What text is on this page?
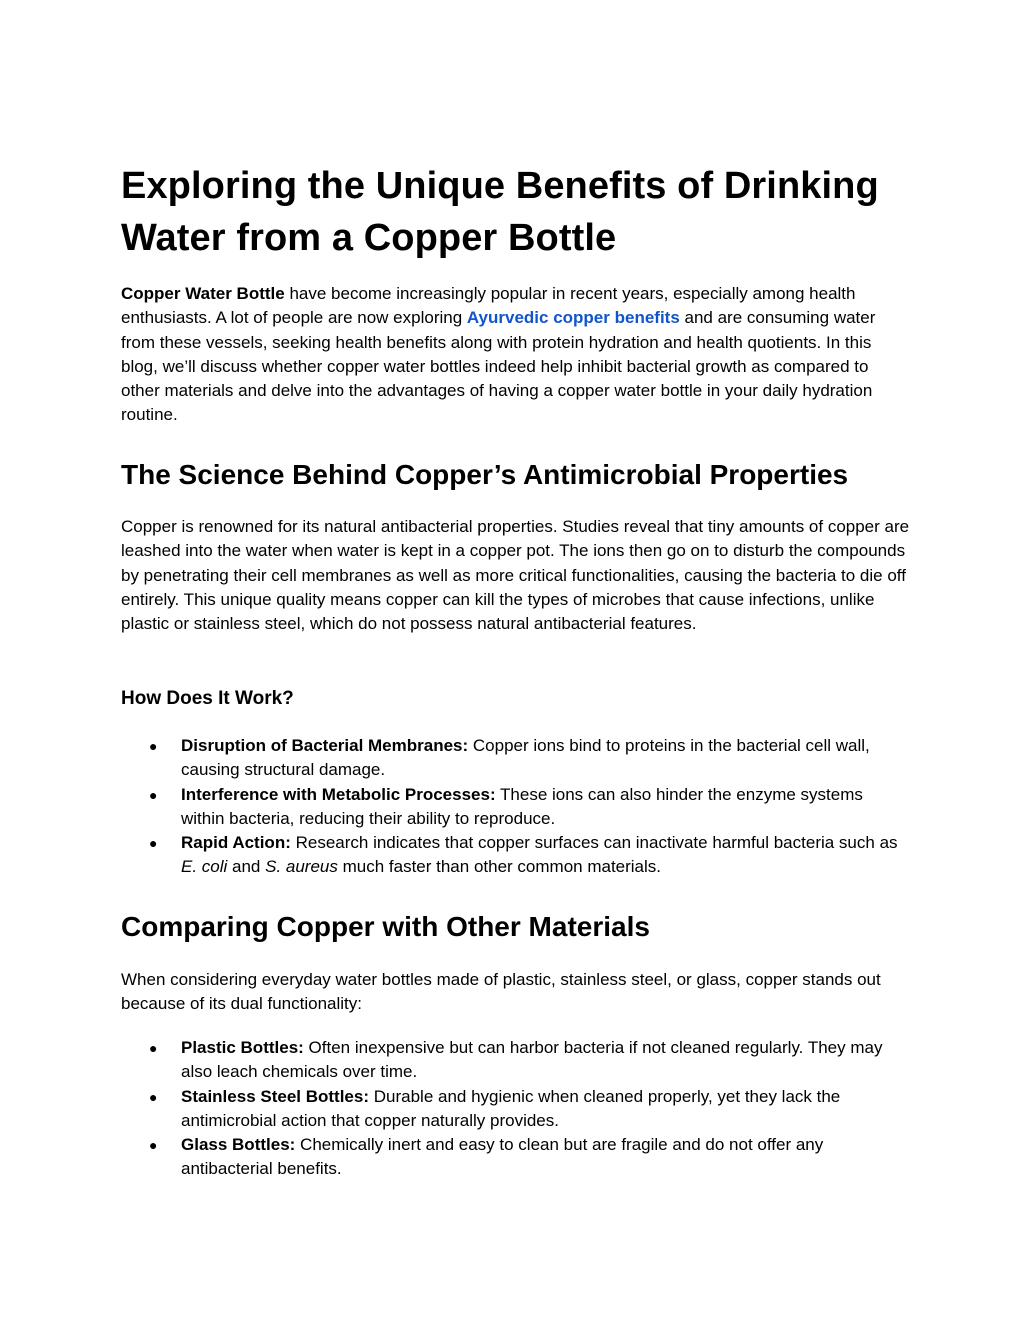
Exploring the Unique Benefits of Drinking Water from a Copper Bottle

Copper Water Bottle have become increasingly popular in recent years, especially among health enthusiasts. A lot of people are now exploring Ayurvedic copper benefits and are consuming water from these vessels, seeking health benefits along with protein hydration and health quotients. In this blog, we’ll discuss whether copper water bottles indeed help inhibit bacterial growth as compared to other materials and delve into the advantages of having a copper water bottle in your daily hydration routine.

The Science Behind Copper’s Antimicrobial Properties

Copper is renowned for its natural antibacterial properties. Studies reveal that tiny amounts of copper are leashed into the water when water is kept in a copper pot. The ions then go on to disturb the compounds by penetrating their cell membranes as well as more critical functionalities, causing the bacteria to die off entirely. This unique quality means copper can kill the types of microbes that cause infections, unlike plastic or stainless steel, which do not possess natural antibacterial features.

How Does It Work?
● Disruption of Bacterial Membranes: Copper ions bind to proteins in the bacterial cell wall, causing structural damage.
● Interference with Metabolic Processes: These ions can also hinder the enzyme systems within bacteria, reducing their ability to reproduce.
● Rapid Action: Research indicates that copper surfaces can inactivate harmful bacteria such as E. coli and S. aureus much faster than other common materials.
Comparing Copper with Other Materials

When considering everyday water bottles made of plastic, stainless steel, or glass, copper stands out because of its dual functionality:

● Plastic Bottles: Often inexpensive but can harbor bacteria if not cleaned regularly. They may also leach chemicals over time.
● Stainless Steel Bottles: Durable and hygienic when cleaned properly, yet they lack the antimicrobial action that copper naturally provides.
● Glass Bottles: Chemically inert and easy to clean but are fragile and do not offer any antibacterial benefits.
